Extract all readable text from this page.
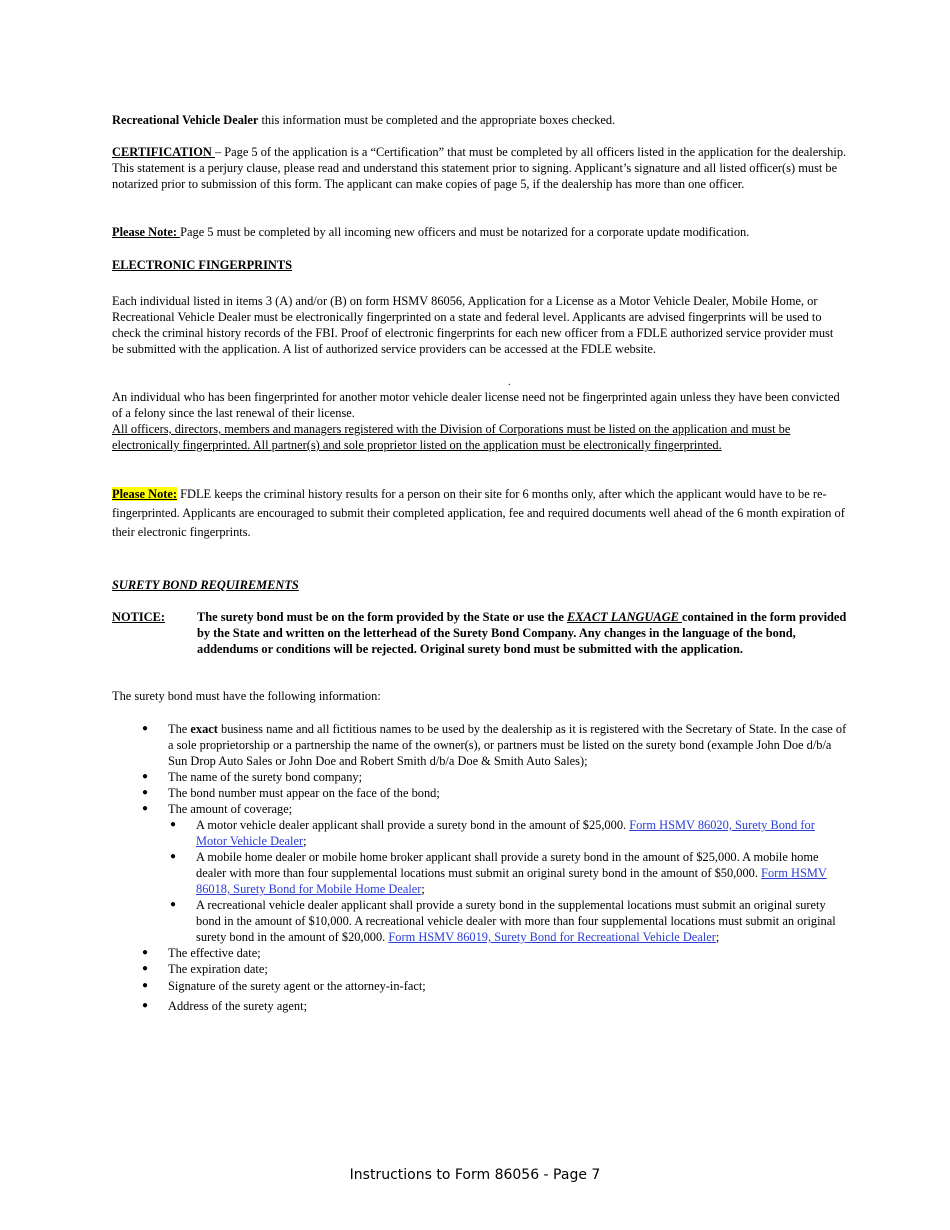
Recreational Vehicle Dealer this information must be completed and the appropriate boxes checked.

CERTIFICATION – Page 5 of the application is a “Certification” that must be completed by all officers listed in the application for the dealership. This statement is a perjury clause, please read and understand this statement prior to signing. Applicant’s signature and all listed officer(s) must be notarized prior to submission of this form. The applicant can make copies of page 5, if the dealership has more than one officer.

Please Note: Page 5 must be completed by all incoming new officers and must be notarized for a corporate update modification.

ELECTRONIC FINGERPRINTS

Each individual listed in items 3 (A) and/or (B) on form HSMV 86056, Application for a License as a Motor Vehicle Dealer, Mobile Home, or Recreational Vehicle Dealer must be electronically fingerprinted on a state and federal level. Applicants are advised fingerprints will be used to check the criminal history records of the FBI. Proof of electronic fingerprints for each new officer from a FDLE authorized service provider must be submitted with the application. A list of authorized service providers can be accessed at the FDLE website.

.

An individual who has been fingerprinted for another motor vehicle dealer license need not be fingerprinted again unless they have been convicted of a felony since the last renewal of their license.

All officers, directors, members and managers registered with the Division of Corporations must be listed on the application and must be electronically fingerprinted. All partner(s) and sole proprietor listed on the application must be electronically fingerprinted.

Please Note: FDLE keeps the criminal history results for a person on their site for 6 months only, after which the applicant would have to be re-fingerprinted. Applicants are encouraged to submit their completed application, fee and required documents well ahead of the 6 month expiration of their electronic fingerprints.

SURETY BOND REQUIREMENTS

NOTICE:	The surety bond must be on the form provided by the State or use the EXACT LANGUAGE contained in the form provided by the State and written on the letterhead of the Surety Bond Company. Any changes in the language of the bond, addendums or conditions will be rejected. Original surety bond must be submitted with the application.

The surety bond must have the following information:

● The exact business name and all fictitious names to be used by the dealership as it is registered with the Secretary of State. In the case of a sole proprietorship or a partnership the name of the owner(s), or partners must be listed on the surety bond (example John Doe d/b/a Sun Drop Auto Sales or John Doe and Robert Smith d/b/a Doe & Smith Auto Sales);
● The name of the surety bond company;
● The bond number must appear on the face of the bond;
● The amount of coverage;
● A motor vehicle dealer applicant shall provide a surety bond in the amount of $25,000. Form HSMV 86020, Surety Bond for Motor Vehicle Dealer;
● A mobile home dealer or mobile home broker applicant shall provide a surety bond in the amount of $25,000. A mobile home dealer with more than four supplemental locations must submit an original surety bond in the amount of $50,000. Form HSMV 86018, Surety Bond for Mobile Home Dealer;
● A recreational vehicle dealer applicant shall provide a surety bond in the supplemental locations must submit an original surety bond in the amount of $10,000. A recreational vehicle dealer with more than four supplemental locations must submit an original surety bond in the amount of $20,000. Form HSMV 86019, Surety Bond for Recreational Vehicle Dealer;
● The effective date;
● The expiration date;
● Signature of the surety agent or the attorney-in-fact;
● Address of the surety agent;
Instructions to Form 86056 - Page 7
